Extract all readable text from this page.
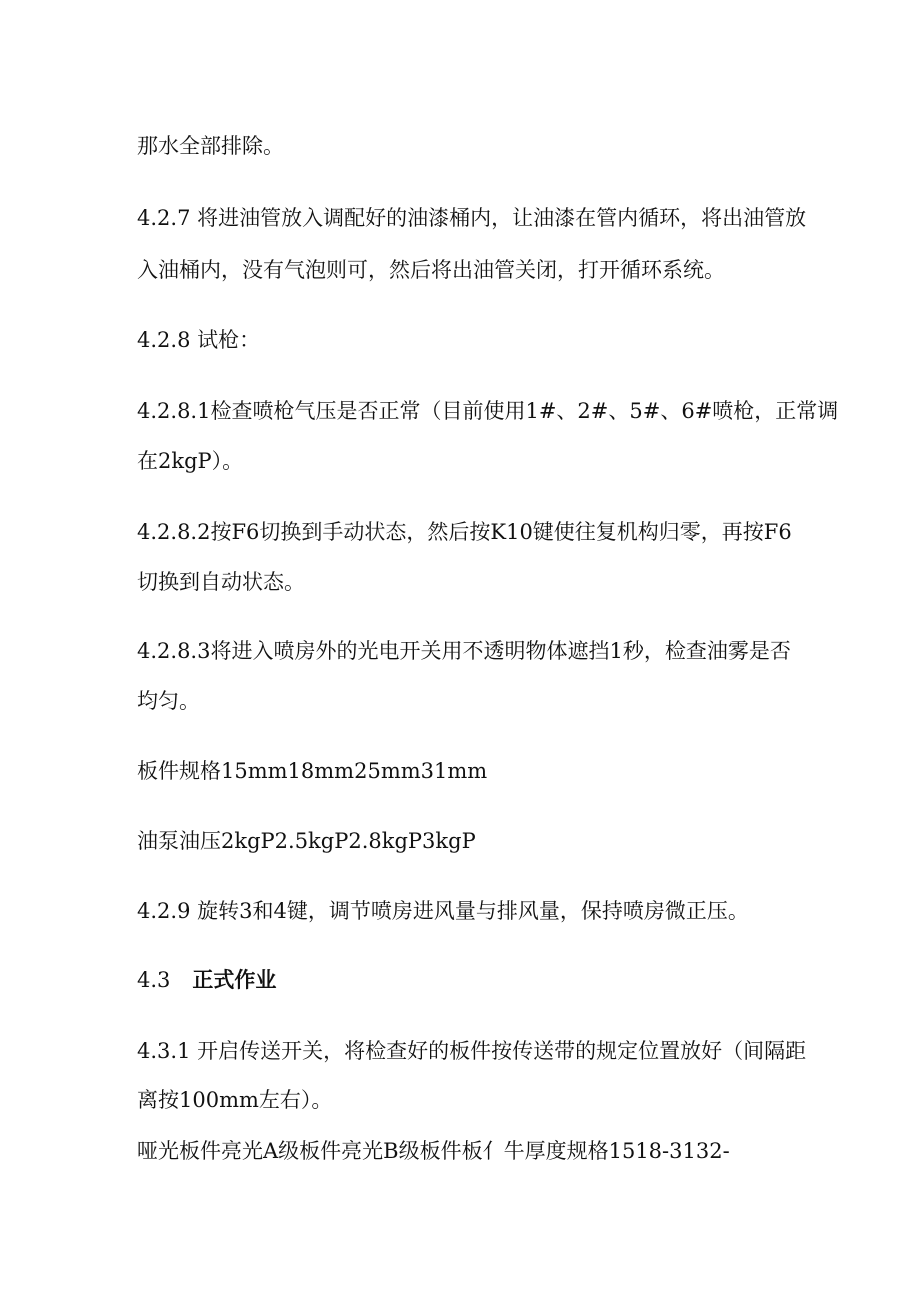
那水全部排除。
4.2.7 将进油管放入调配好的油漆桶内，让油漆在管内循环，将出油管放
入油桶内，没有气泡则可，然后将出油管关闭，打开循环系统。
4.2.8 试枪：
4.2.8.1检查喷枪气压是否正常（目前使用1#、2#、5#、6#喷枪，正常调
在2kgP）。
4.2.8.2按F6切换到手动状态，然后按K10键使往复机构归零，再按F6
切换到自动状态。
4.2.8.3将进入喷房外的光电开关用不透明物体遮挡1秒，检查油雾是否
均匀。
板件规格15mm18mm25mm31mm
油泵油压2kgP2.5kgP2.8kgP3kgP
4.2.9 旋转3和4键，调节喷房进风量与排风量，保持喷房微正压。
4.3 正式作业
4.3.1 开启传送开关，将检查好的板件按传送带的规定位置放好（间隔距
离按100mm左右）。
哑光板件亮光A级板件亮光B级板件板亻牛厚度规格1518-3132-
